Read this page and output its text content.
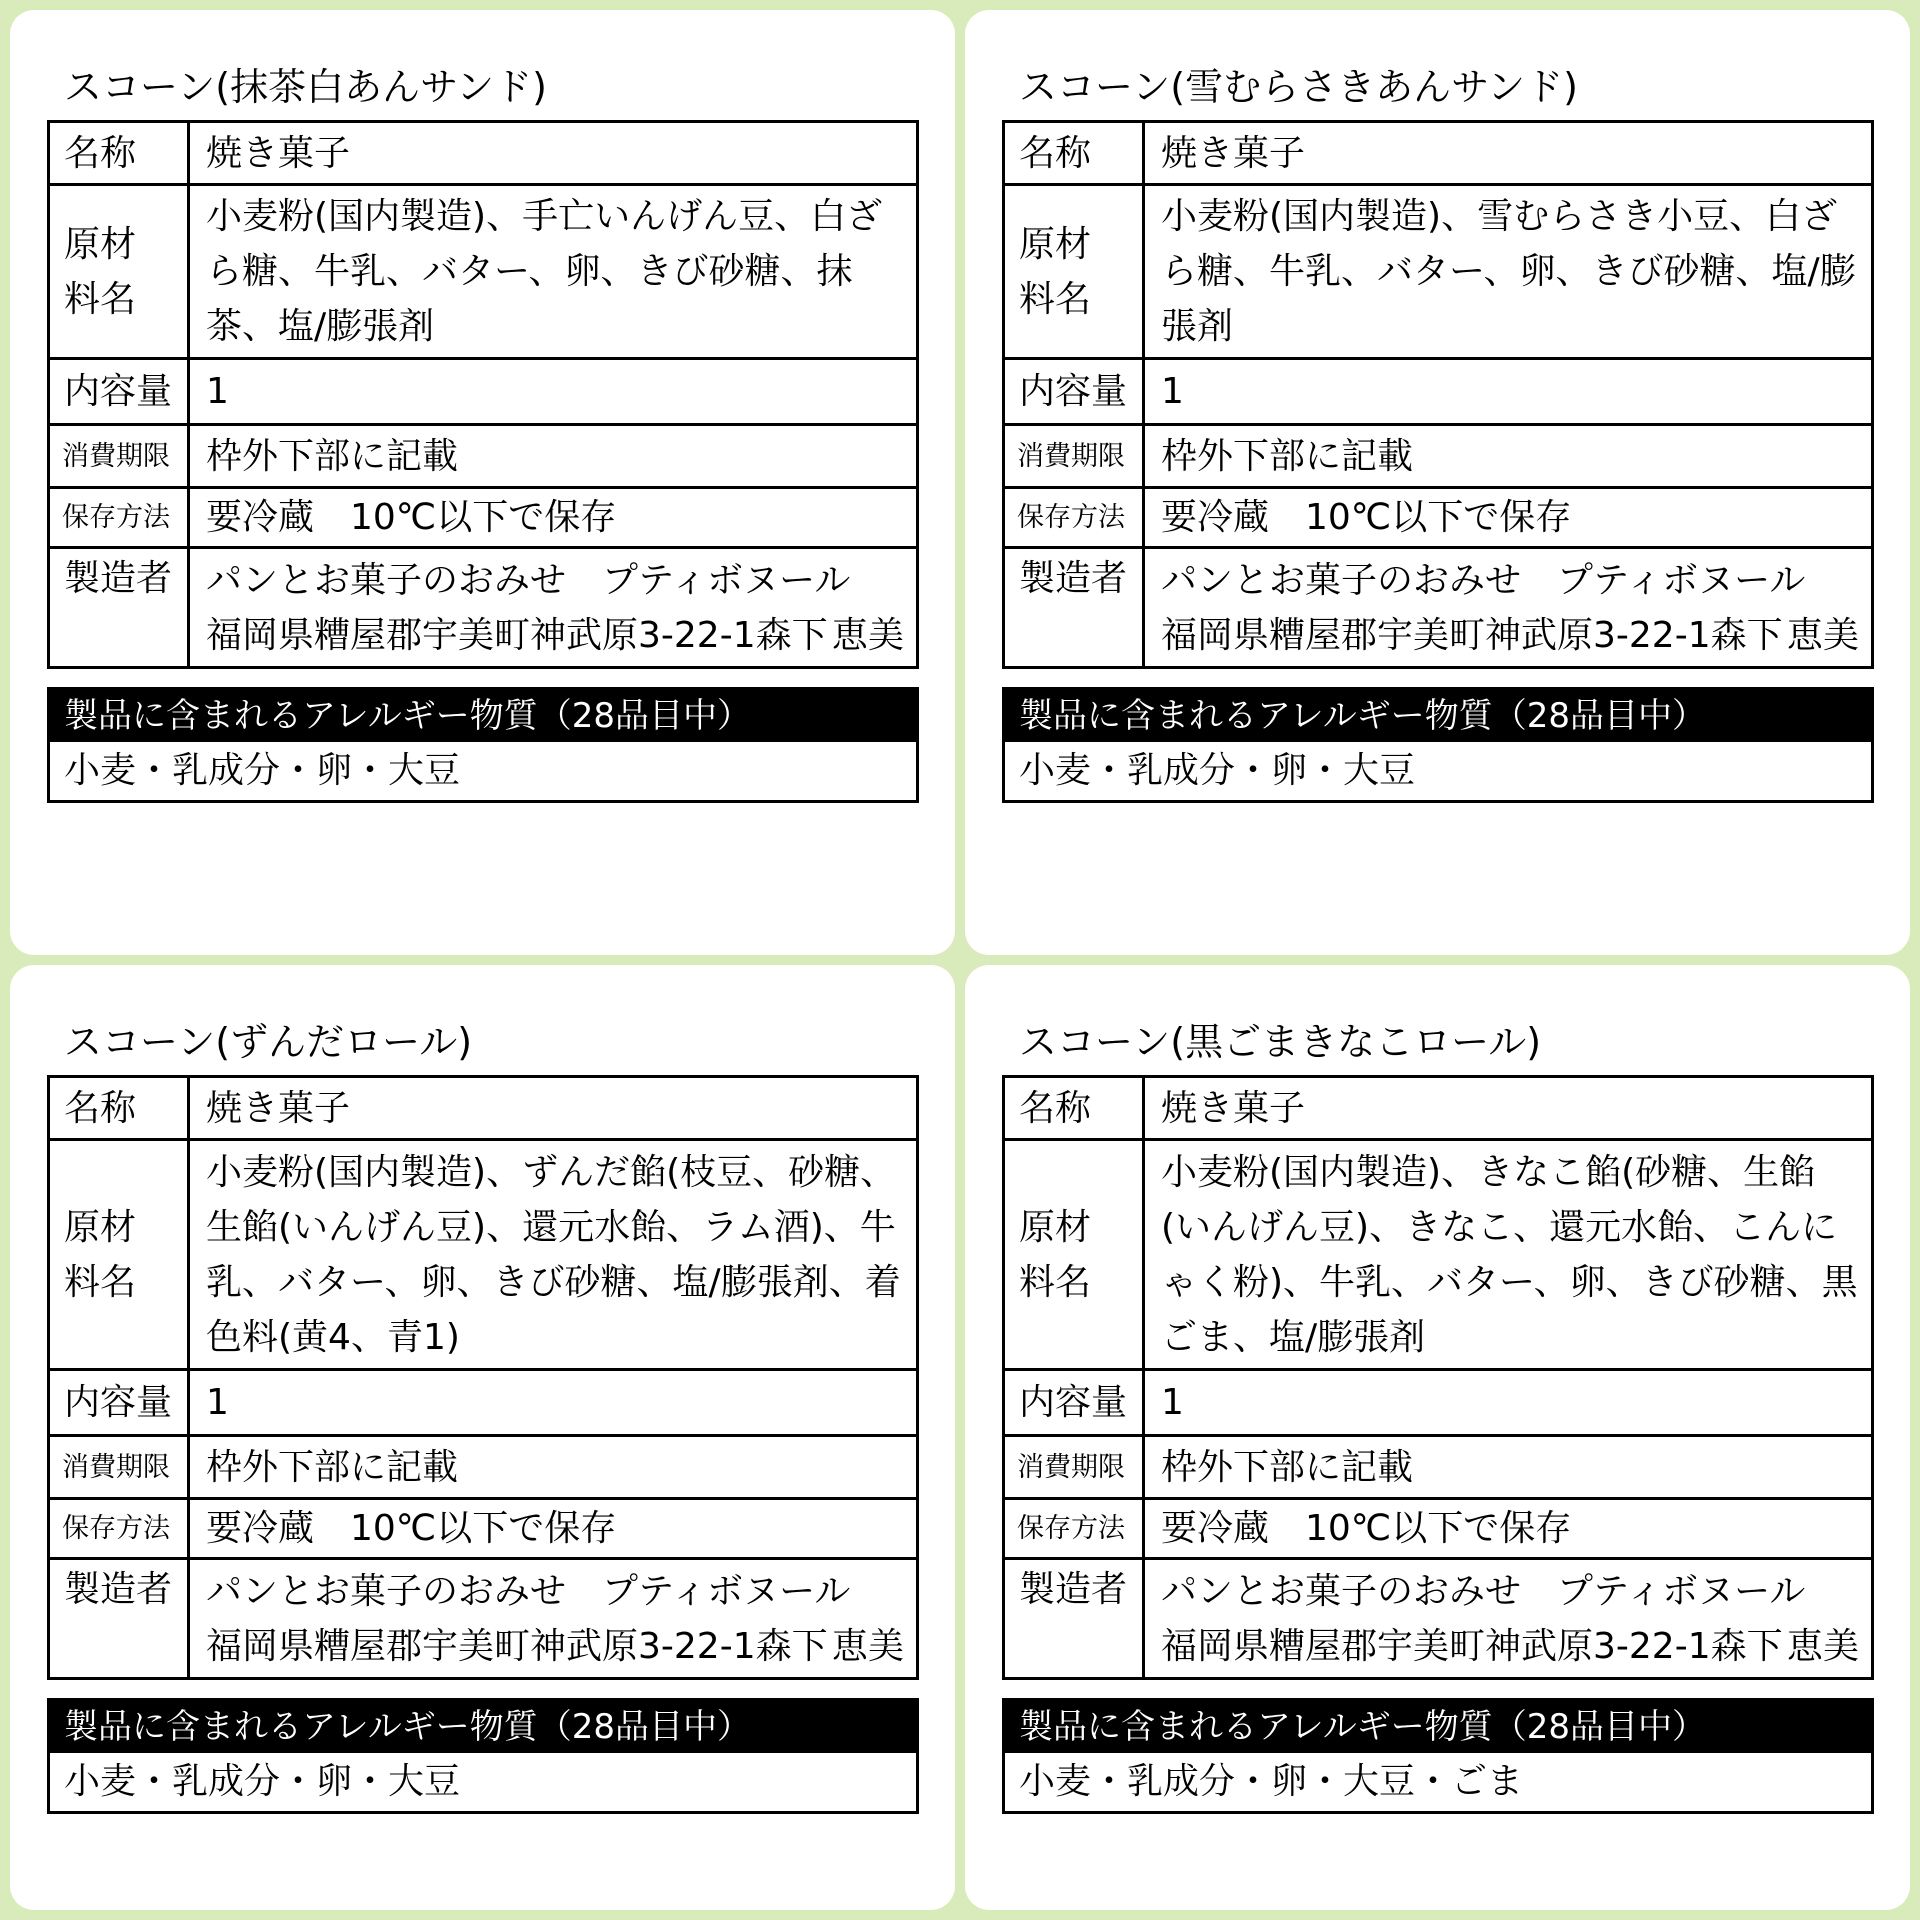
スコーン(抹茶白あんサンド)
名称	焼き菓子

原材料名	小麦粉(国内製造)、手亡いんげん豆、白ざら糖、牛乳、バター、卵、きび砂糖、抹茶、塩/膨張剤

内容量	1
消費期限	枠外下部に記載
保存方法	要冷蔵　10℃以下で保存
製造者	パンとお菓子のおみせ　プティボヌール
福岡県糟屋郡宇美町神武原3-22-1森下 恵美
製品に含まれるアレルギー物質（28品目中）
小麦・乳成分・卵・大豆
スコーン(雪むらさきあんサンド)
名称	焼き菓子

原材料名	小麦粉(国内製造)、雪むらさき小豆、白ざら糖、牛乳、バター、卵、きび砂糖、塩/膨張剤

内容量	1
消費期限	枠外下部に記載
保存方法	要冷蔵　10℃以下で保存
製造者	パンとお菓子のおみせ　プティボヌール
福岡県糟屋郡宇美町神武原3-22-1森下 恵美
製品に含まれるアレルギー物質（28品目中）
小麦・乳成分・卵・大豆
スコーン(ずんだロール)
名称	焼き菓子

原材料名	小麦粉(国内製造)、ずんだ餡(枝豆、砂糖、生餡(いんげん豆)、還元水飴、ラム酒)、牛乳、バター、卵、きび砂糖、塩/膨張剤、着色料(黄4、青1)

内容量	1
消費期限	枠外下部に記載
保存方法	要冷蔵　10℃以下で保存
製造者	パンとお菓子のおみせ　プティボヌール
福岡県糟屋郡宇美町神武原3-22-1森下 恵美
製品に含まれるアレルギー物質（28品目中）
小麦・乳成分・卵・大豆
スコーン(黒ごまきなこロール)
名称	焼き菓子

原材料名	小麦粉(国内製造)、きなこ餡(砂糖、生餡(いんげん豆)、きなこ、還元水飴、こんにゃく粉)、牛乳、バター、卵、きび砂糖、黒ごま、塩/膨張剤

内容量	1
消費期限	枠外下部に記載
保存方法	要冷蔵　10℃以下で保存
製造者	パンとお菓子のおみせ　プティボヌール
福岡県糟屋郡宇美町神武原3-22-1森下 恵美
製品に含まれるアレルギー物質（28品目中）
小麦・乳成分・卵・大豆・ごま
